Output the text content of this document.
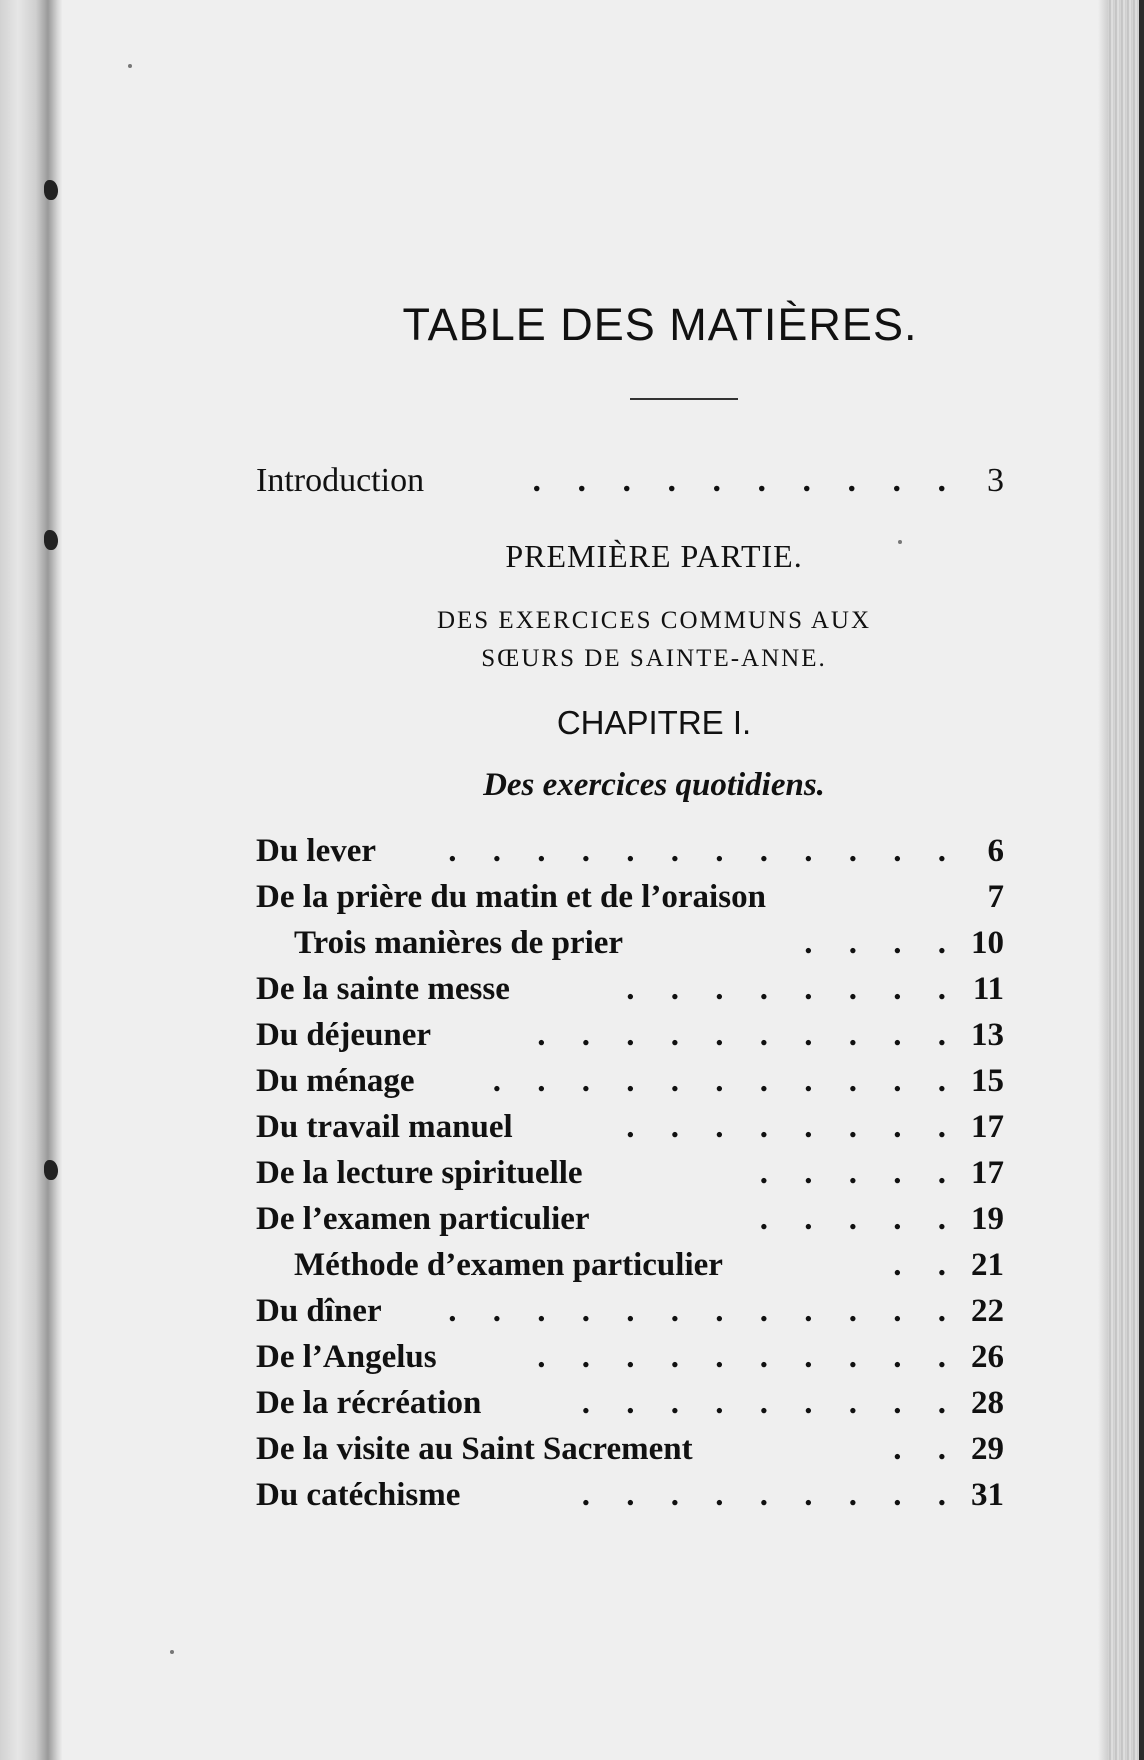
TABLE DES MATIÈRES.
Introduction	. . . . . . . . . . 3
PREMIÈRE PARTIE.
DES EXERCICES COMMUNS AUX
SŒURS DE SAINTE-ANNE.
CHAPITRE I.
Des exercices quotidiens.
Du lever	. . . . . . . . . . . . 6
De la prière du matin et de l’oraison	7
Trois manières de prier	. . . . 10
De la sainte messe	. . . . . . . . 11
Du déjeuner	. . . . . . . . . . 13
Du ménage	. . . . . . . . . . . 15
Du travail manuel	. . . . . . . . 17
De la lecture spirituelle	. . . . . 17
De l’examen particulier	. . . . . 19
Méthode d’examen particulier	. . 21
Du dîner	. . . . . . . . . . . . 22
De l’Angelus	. . . . . . . . . . 26
De la récréation	. . . . . . . . . 28
De la visite au Saint Sacrement	. . 29
Du catéchisme	. . . . . . . . . 31
